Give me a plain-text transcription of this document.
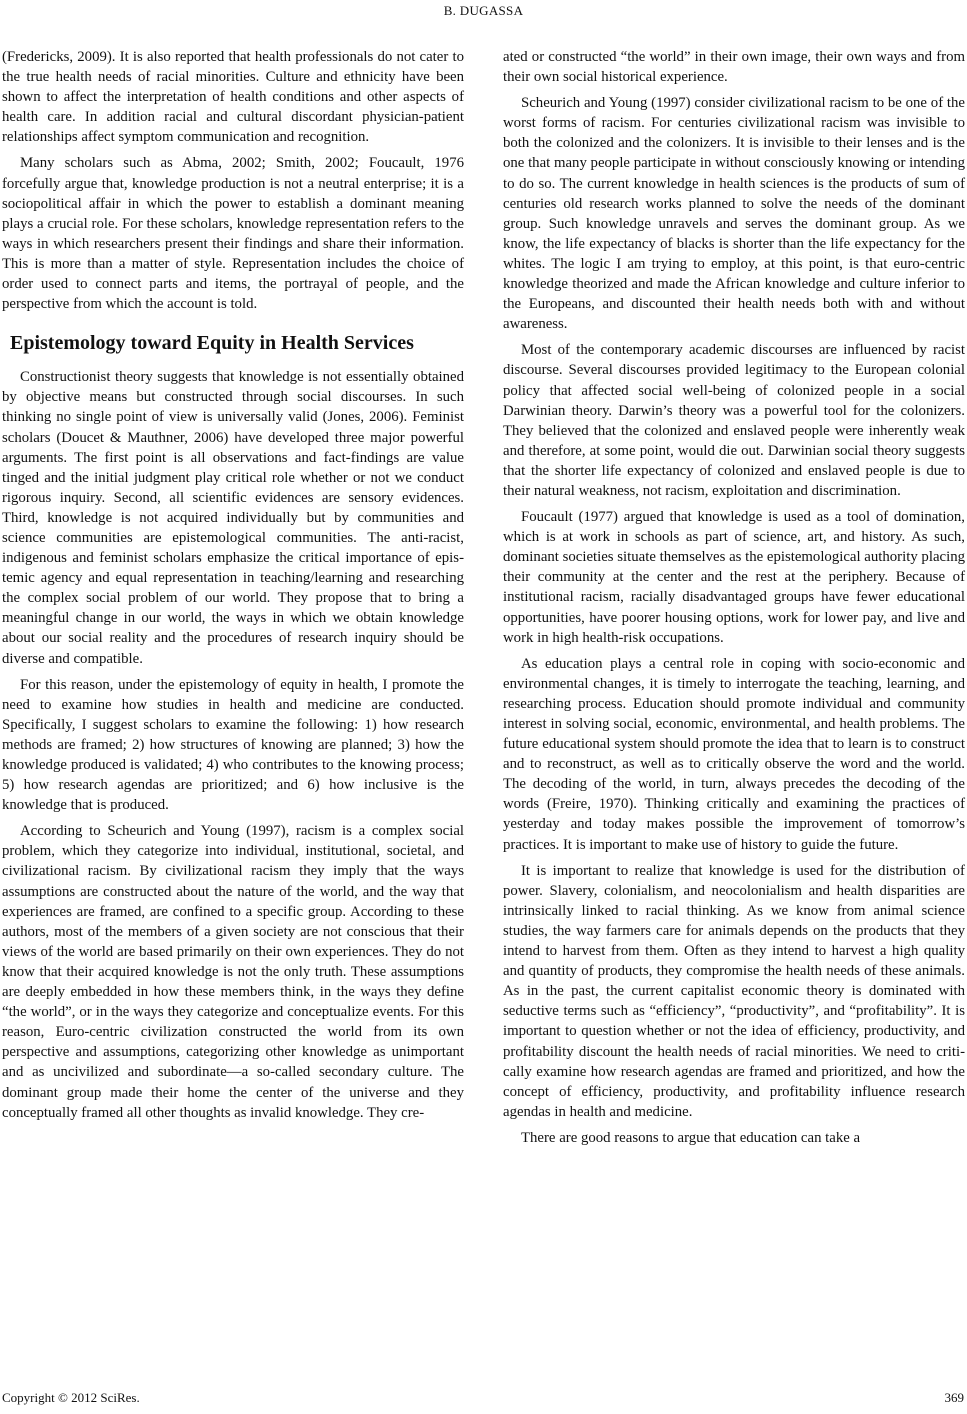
B. DUGASSA

(Fredericks, 2009). It is also reported that health professionals do not cater to the true health needs of racial minorities. Culture and ethnicity have been shown to affect the interpretation of health conditions and other aspects of health care. In addition racial and cultural discordant physician-patient relationships affect symptom communication and recognition.

Many scholars such as Abma, 2002; Smith, 2002; Foucault, 1976 forcefully argue that, knowledge production is not a neutral enterprise; it is a sociopolitical affair in which the power to establish a dominant meaning plays a crucial role. For these scholars, knowledge representation refers to the ways in which researchers present their findings and share their information. This is more than a matter of style. Representation includes the choice of order used to connect parts and items, the portrayal of people, and the perspective from which the account is told.

Epistemology toward Equity in Health Services

Constructionist theory suggests that knowledge is not essentially obtained by objective means but constructed through social discourses. In such thinking no single point of view is universally valid (Jones, 2006). Feminist scholars (Doucet & Mauthner, 2006) have developed three major powerful arguments. The first point is all observations and fact-findings are value tinged and the initial judgment play critical role whether or not we conduct rigorous inquiry. Second, all scientific evidences are sensory evidences. Third, knowledge is not acquired individually but by communities and science communities are epistemological communities. The anti-racist, indigenous and feminist scholars emphasize the critical importance of epistemic agency and equal representation in teaching/learning and researching the complex social problem of our world. They propose that to bring a meaningful change in our world, the ways in which we obtain knowledge about our social reality and the procedures of research inquiry should be diverse and compatible.

For this reason, under the epistemology of equity in health, I promote the need to examine how studies in health and medicine are conducted. Specifically, I suggest scholars to examine the following: 1) how research methods are framed; 2) how structures of knowing are planned; 3) how the knowledge produced is validated; 4) who contributes to the knowing process; 5) how research agendas are prioritized; and 6) how inclusive is the knowledge that is produced.

According to Scheurich and Young (1997), racism is a complex social problem, which they categorize into individual, institutional, societal, and civilizational racism. By civilizational racism they imply that the ways assumptions are constructed about the nature of the world, and the way that experiences are framed, are confined to a specific group. According to these authors, most of the members of a given society are not conscious that their views of the world are based primarily on their own experiences. They do not know that their acquired knowledge is not the only truth. These assumptions are deeply embedded in how these members think, in the ways they define “the world”, or in the ways they categorize and conceptualize events. For this reason, Euro-centric civilization constructed the world from its own perspective and assumptions, categorizing other knowledge as unimportant and as uncivilized and subordinate—a so-called secondary culture. The dominant group made their home the center of the universe and they conceptually framed all other thoughts as invalid knowledge. They cre-

ated or constructed “the world” in their own image, their own ways and from their own social historical experience.

Scheurich and Young (1997) consider civilizational racism to be one of the worst forms of racism. For centuries civilizational racism was invisible to both the colonized and the colonizers. It is invisible to their lenses and is the one that many people participate in without consciously knowing or intending to do so. The current knowledge in health sciences is the products of sum of centuries old research works planned to solve the needs of the dominant group. Such knowledge unravels and serves the dominant group. As we know, the life expectancy of blacks is shorter than the life expectancy for the whites. The logic I am trying to employ, at this point, is that euro-centric knowledge theorized and made the African knowledge and culture inferior to the Europeans, and discounted their health needs both with and without awareness.

Most of the contemporary academic discourses are influenced by racist discourse. Several discourses provided legitimacy to the European colonial policy that affected social well-being of colonized people in a social Darwinian theory. Darwin’s theory was a powerful tool for the colonizers. They believed that the colonized and enslaved people were inherently weak and therefore, at some point, would die out. Darwinian social theory suggests that the shorter life expectancy of colonized and enslaved people is due to their natural weakness, not racism, exploitation and discrimination.

Foucault (1977) argued that knowledge is used as a tool of domination, which is at work in schools as part of science, art, and history. As such, dominant societies situate themselves as the epistemological authority placing their community at the center and the rest at the periphery. Because of institutional racism, racially disadvantaged groups have fewer educational opportunities, have poorer housing options, work for lower pay, and live and work in high health-risk occupations.

As education plays a central role in coping with socio-economic and environmental changes, it is timely to interrogate the teaching, learning, and researching process. Education should promote individual and community interest in solving social, economic, environmental, and health problems. The future educational system should promote the idea that to learn is to construct and to reconstruct, as well as to critically observe the word and the world. The decoding of the world, in turn, always precedes the decoding of the words (Freire, 1970). Thinking critically and examining the practices of yesterday and today makes possible the improvement of tomorrow’s practices. It is important to make use of history to guide the future.

It is important to realize that knowledge is used for the distribution of power. Slavery, colonialism, and neocolonialism and health disparities are intrinsically linked to racial thinking. As we know from animal science studies, the way farmers care for animals depends on the products that they intend to harvest from them. Often as they intend to harvest a high quality and quantity of products, they compromise the health needs of these animals. As in the past, the current capitalist economic theory is dominated with seductive terms such as “efficiency”, “productivity”, and “profitability”. It is important to question whether or not the idea of efficiency, productivity, and profitability discount the health needs of racial minorities. We need to critically examine how research agendas are framed and prioritized, and how the concept of efficiency, productivity, and profitability influence research agendas in health and medicine.

There are good reasons to argue that education can take a

Copyright © 2012 SciRes.	369
